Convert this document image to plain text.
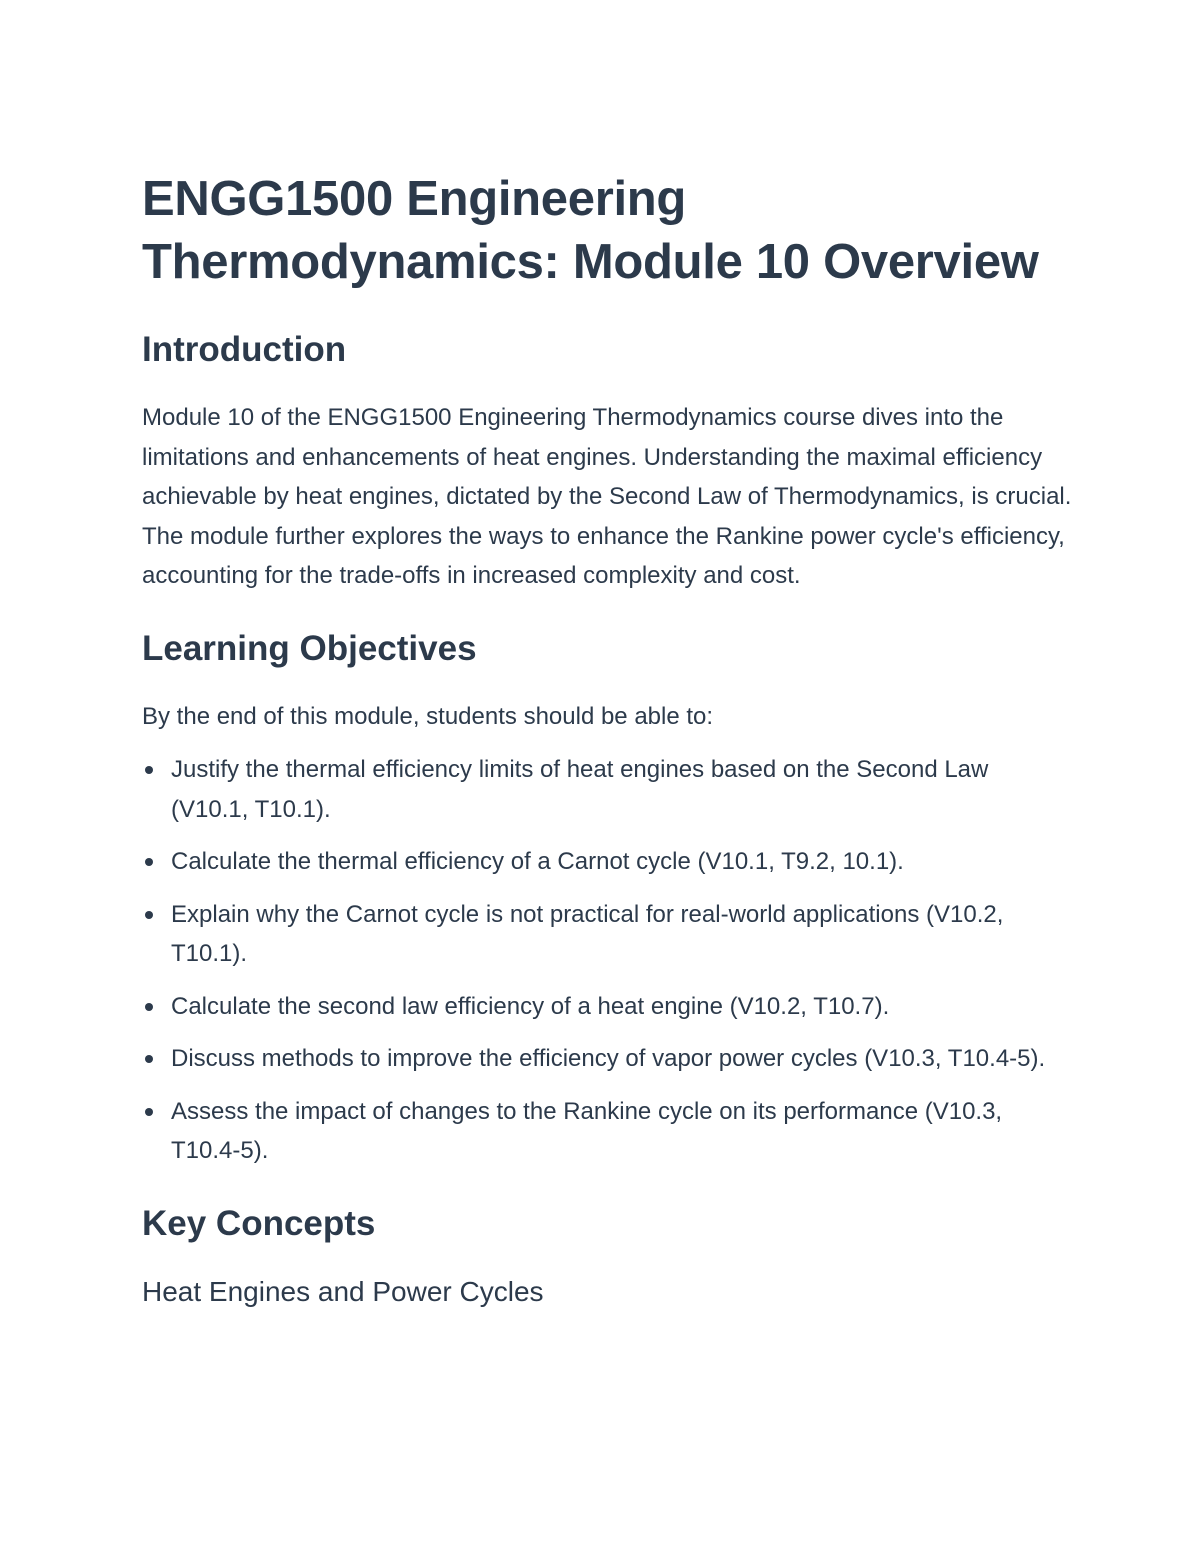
ENGG1500 Engineering Thermodynamics: Module 10 Overview
Introduction

Module 10 of the ENGG1500 Engineering Thermodynamics course dives into the limitations and enhancements of heat engines. Understanding the maximal efficiency achievable by heat engines, dictated by the Second Law of Thermodynamics, is crucial. The module further explores the ways to enhance the Rankine power cycle's efficiency, accounting for the trade-offs in increased complexity and cost.

Learning Objectives

By the end of this module, students should be able to:

Justify the thermal efficiency limits of heat engines based on the Second Law (V10.1, T10.1).
Calculate the thermal efficiency of a Carnot cycle (V10.1, T9.2, 10.1).
Explain why the Carnot cycle is not practical for real-world applications (V10.2, T10.1).
Calculate the second law efficiency of a heat engine (V10.2, T10.7).
Discuss methods to improve the efficiency of vapor power cycles (V10.3, T10.4-5).
Assess the impact of changes to the Rankine cycle on its performance (V10.3, T10.4-5).
Key Concepts
Heat Engines and Power Cycles
